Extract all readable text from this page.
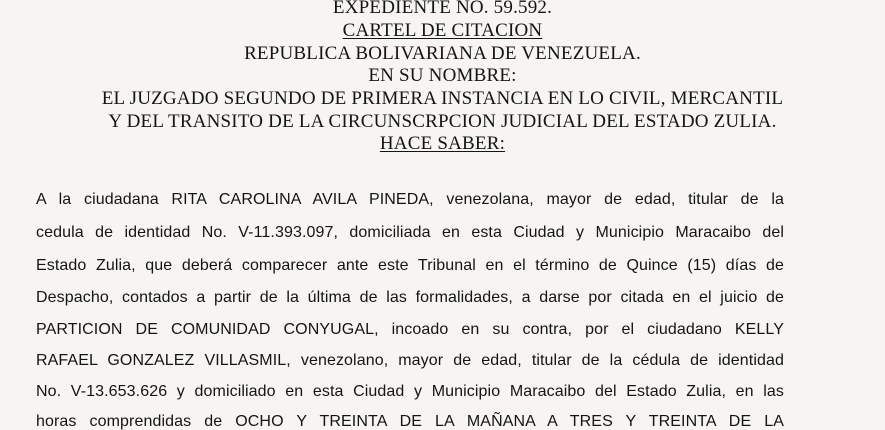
EXPEDIENTE NO. 59.592.
CARTEL DE CITACION
REPUBLICA BOLIVARIANA DE VENEZUELA.
EN SU NOMBRE:
EL JUZGADO SEGUNDO DE PRIMERA INSTANCIA EN LO CIVIL, MERCANTIL
Y DEL TRANSITO DE LA CIRCUNSCRPCION JUDICIAL DEL ESTADO ZULIA.
HACE SABER:
A la ciudadana RITA CAROLINA AVILA PINEDA, venezolana, mayor de edad, titular de la
cedula de identidad No. V-11.393.097, domiciliada en esta Ciudad y Municipio Maracaibo del
Estado Zulia, que deberá comparecer ante este Tribunal en el término de Quince (15) días de
Despacho, contados a partir de la última de las formalidades, a darse por citada en el juicio de
PARTICION DE COMUNIDAD CONYUGAL, incoado en su contra, por el ciudadano KELLY
RAFAEL GONZALEZ VILLASMIL, venezolano, mayor de edad, titular de la cédula de identidad
No. V-13.653.626 y domiciliado en esta Ciudad y Municipio Maracaibo del Estado Zulia, en las
horas comprendidas de OCHO Y TREINTA DE LA MAÑANA A TRES Y TREINTA DE LA
